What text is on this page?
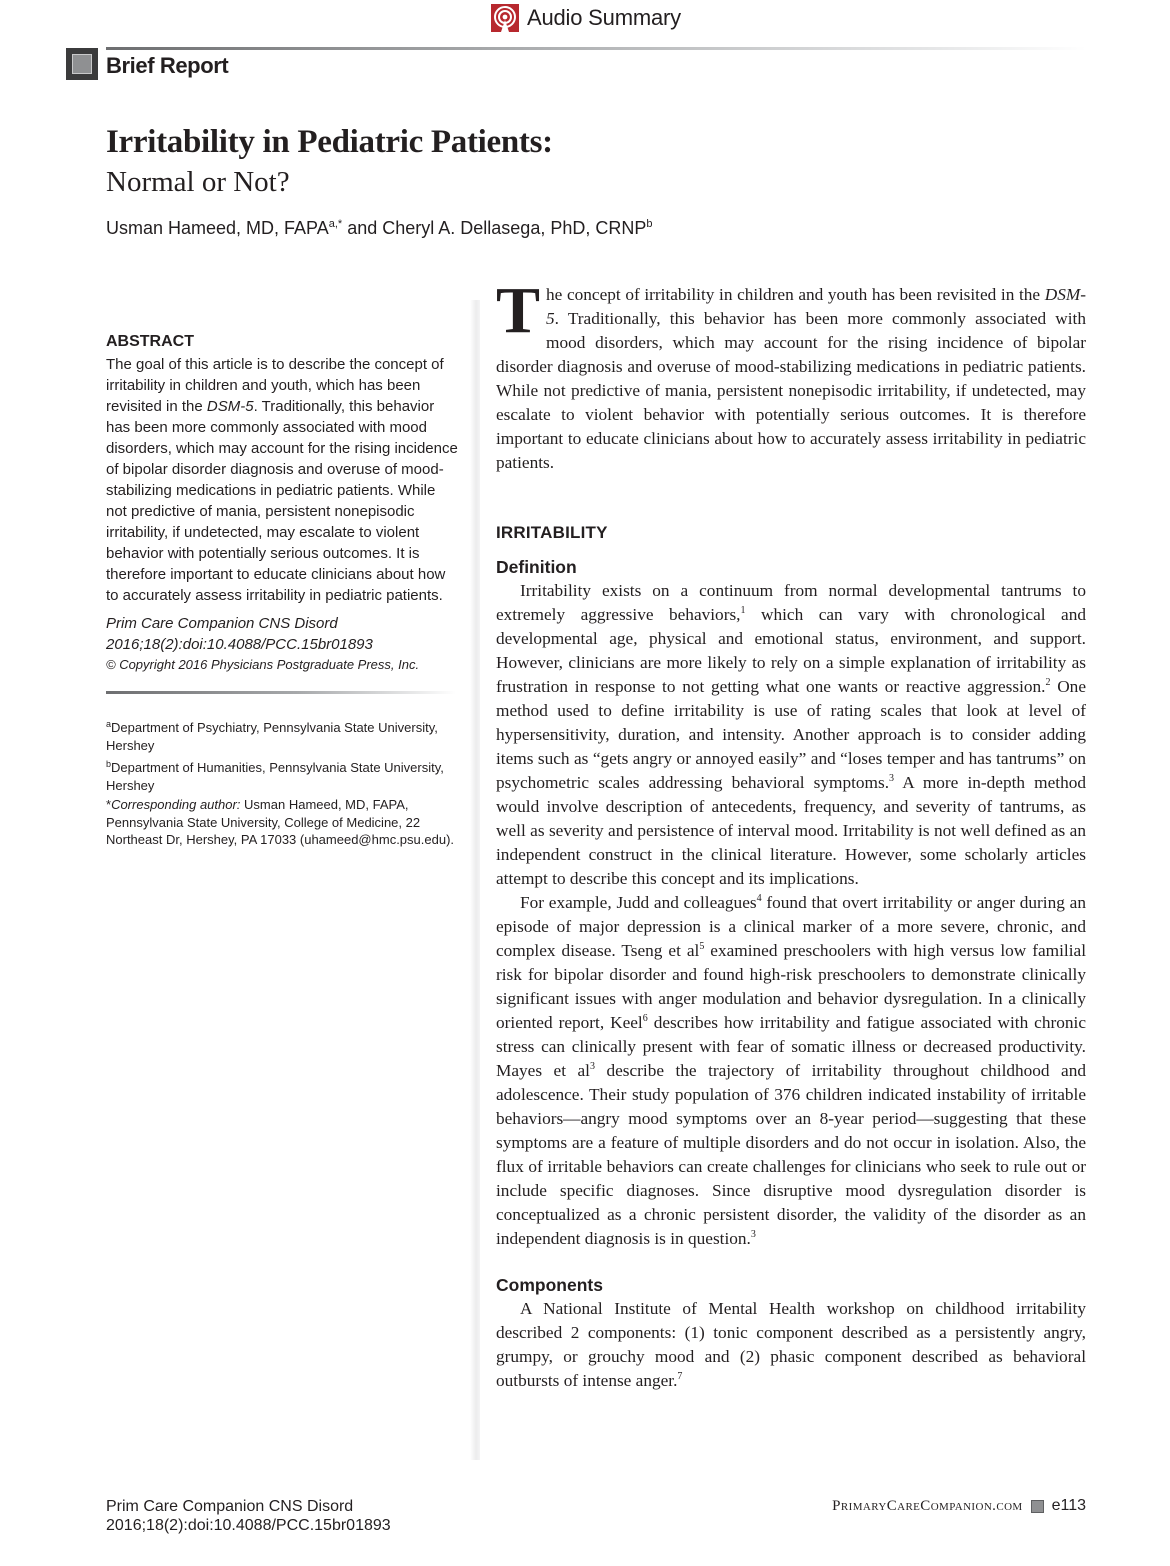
Audio Summary
Brief Report
Irritability in Pediatric Patients:
Normal or Not?
Usman Hameed, MD, $FAPA^{a,*}$ and Cheryl A. Dellasega, PhD, CRNP$^b$
ABSTRACT

The goal of this article is to describe the concept of irritability in children and youth, which has been revisited in the DSM-5. Traditionally, this behavior has been more commonly associated with mood disorders, which may account for the rising incidence of bipolar disorder diagnosis and overuse of mood-stabilizing medications in pediatric patients. While not predictive of mania, persistent nonepisodic irritability, if undetected, may escalate to violent behavior with potentially serious outcomes. It is therefore important to educate clinicians about how to accurately assess irritability in pediatric patients.

Prim Care Companion CNS Disord
2016;18(2):doi:10.4088/PCC.15br01893
© Copyright 2016 Physicians Postgraduate Press, Inc.

$^a$Department of Psychiatry, Pennsylvania State University, Hershey

$^b$Department of Humanities, Pennsylvania State University, Hershey

*Corresponding author: Usman Hameed, MD, FAPA, Pennsylvania State University, College of Medicine, 22 Northeast Dr, Hershey, PA 17033 (uhameed@hmc.psu.edu).

The concept of irritability in children and youth has been revisited in the DSM-5. Traditionally, this behavior has been more commonly associated with mood disorders, which may account for the rising incidence of bipolar disorder diagnosis and overuse of mood-stabilizing medications in pediatric patients. While not predictive of mania, persistent nonepisodic irritability, if undetected, may escalate to violent behavior with potentially serious outcomes. It is therefore important to educate clinicians about how to accurately assess irritability in pediatric patients.

IRRITABILITY
Definition

Irritability exists on a continuum from normal developmental tantrums to extremely aggressive behaviors,$^1$ which can vary with chronological and developmental age, physical and emotional status, environment, and support. However, clinicians are more likely to rely on a simple explanation of irritability as frustration in response to not getting what one wants or reactive aggression.$^2$ One method used to define irritability is use of rating scales that look at level of hypersensitivity, duration, and intensity. Another approach is to consider adding items such as “gets angry or annoyed easily” and “loses temper and has tantrums” on psychometric scales addressing behavioral symptoms.$^3$ A more in-depth method would involve description of antecedents, frequency, and severity of tantrums, as well as severity and persistence of interval mood. Irritability is not well defined as an independent construct in the clinical literature. However, some scholarly articles attempt to describe this concept and its implications.

For example, Judd and colleagues$^4$ found that overt irritability or anger during an episode of major depression is a clinical marker of a more severe, chronic, and complex disease. Tseng et $al^5$ examined preschoolers with high versus low familial risk for bipolar disorder and found high-risk preschoolers to demonstrate clinically significant issues with anger modulation and behavior dysregulation. In a clinically oriented report, Keel$^6$ describes how irritability and fatigue associated with chronic stress can clinically present with fear of somatic illness or decreased productivity. Mayes et $al^3$ describe the trajectory of irritability throughout childhood and adolescence. Their study population of 376 children indicated instability of irritable behaviors—angry mood symptoms over an 8-year period—suggesting that these symptoms are a feature of multiple disorders and do not occur in isolation. Also, the flux of irritable behaviors can create challenges for clinicians who seek to rule out or include specific diagnoses. Since disruptive mood dysregulation disorder is conceptualized as a chronic persistent disorder, the validity of the disorder as an independent diagnosis is in question.$^3$

Components

A National Institute of Mental Health workshop on childhood irritability described 2 components: (1) tonic component described as a persistently angry, grumpy, or grouchy mood and (2) phasic component described as behavioral outbursts of intense anger.$^7$

Prim Care Companion CNS Disord
2016;18(2):doi:10.4088/PCC.15br01893
PrimaryCareCompanion.com e113
